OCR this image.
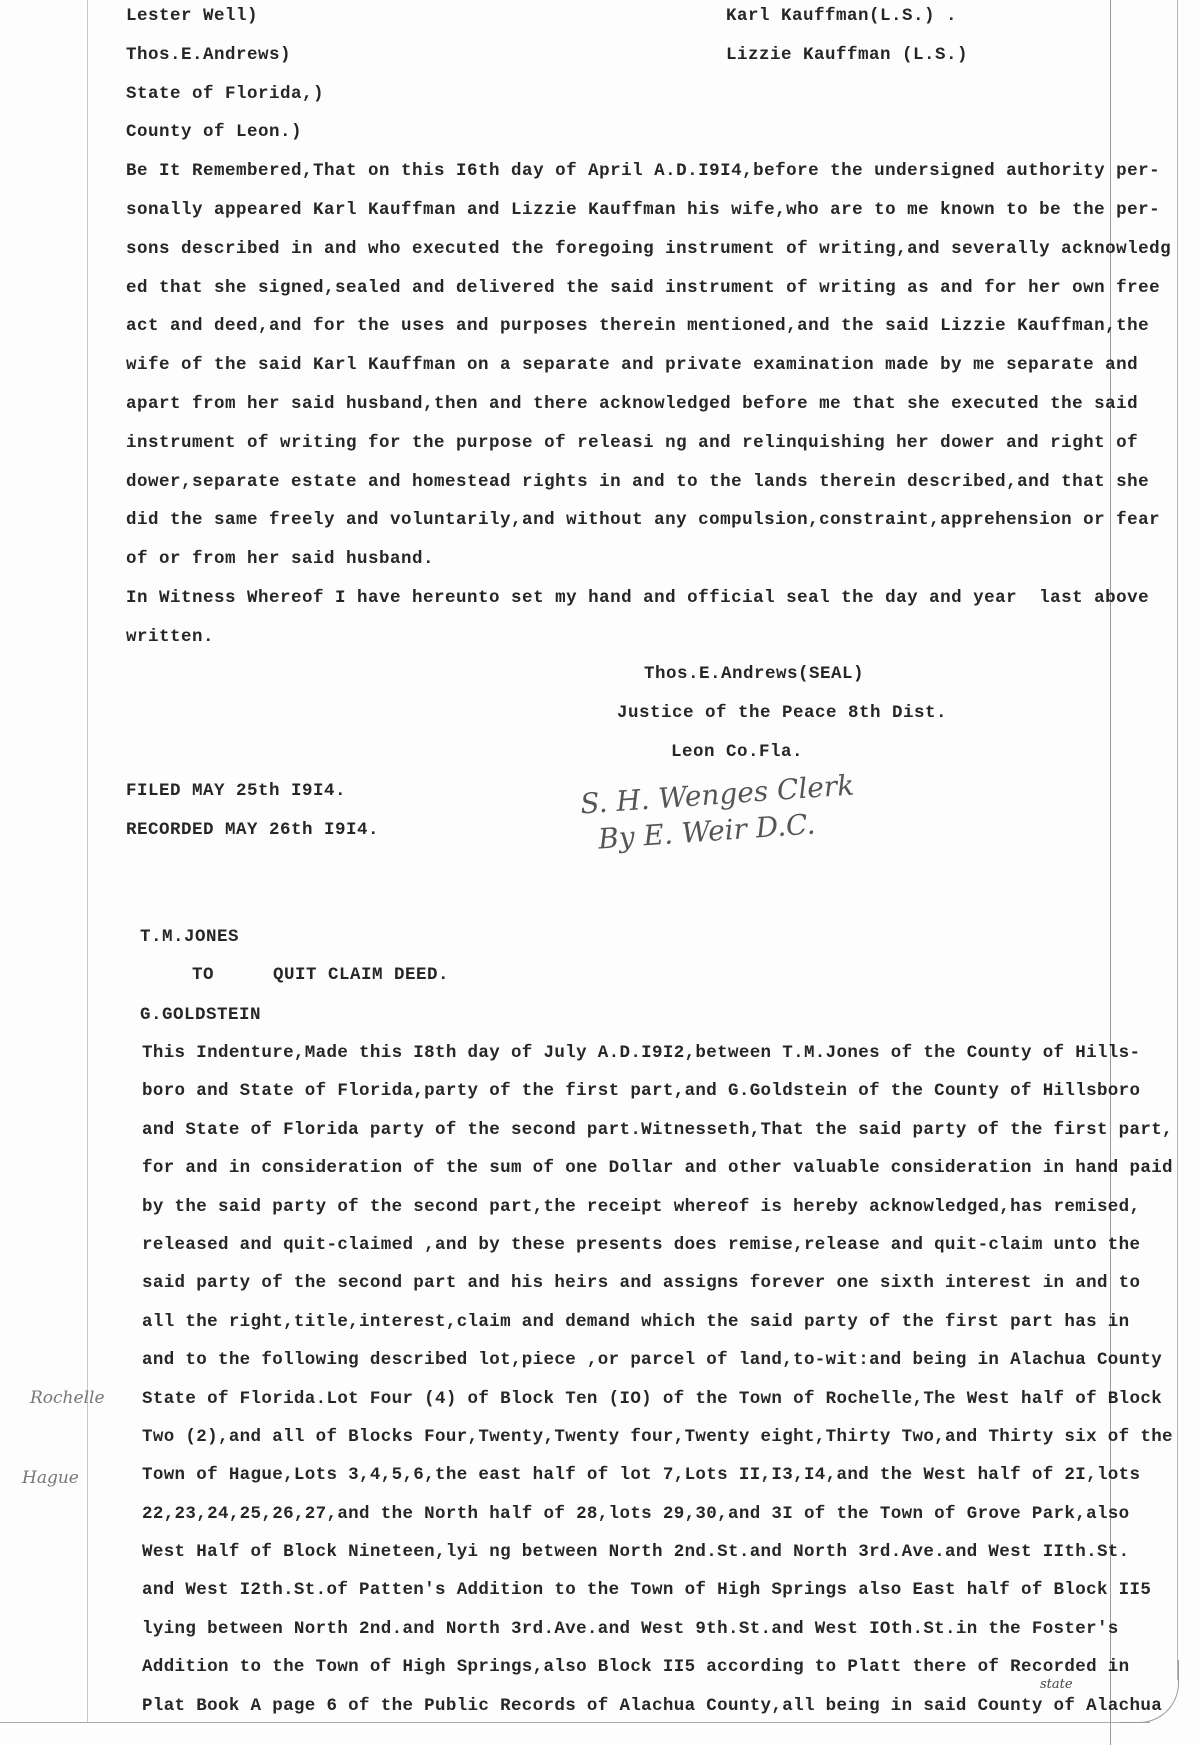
Lester Well)
Thos.E.Andrews)
Karl Kauffman(L.S.) .
Lizzie Kauffman (L.S.)
State of Florida,)
County of Leon.)
Be It Remembered,That on this I6th day of April A.D.I9I4,before the undersigned authority per-
sonally appeared Karl Kauffman and Lizzie Kauffman his wife,who are to me known to be the per-
sons described in and who executed the foregoing instrument of writing,and severally acknowledg
ed that she signed,sealed and delivered the said instrument of writing as and for her own free
act and deed,and for the uses and purposes therein mentioned,and the said Lizzie Kauffman,the
wife of the said Karl Kauffman on a separate and private examination made by me separate and
apart from her said husband,then and there acknowledged before me that she executed the said
instrument of writing for the purpose of releasi ng and relinquishing her dower and right of
dower,separate estate and homestead rights in and to the lands therein described,and that she
did the same freely and voluntarily,and without any compulsion,constraint,apprehension or fear
of or from her said husband.
In Witness Whereof I have hereunto set my hand and official seal the day and year  last above
written.
Thos.E.Andrews(SEAL)
Justice of the Peace 8th Dist.
Leon Co.Fla.
FILED MAY 25th I9I4.
RECORDED MAY 26th I9I4.
S. H. Wenges Clerk
By E. Weir D.C.
T.M.JONES
TO	QUIT CLAIM DEED.
G.GOLDSTEIN
This Indenture,Made this I8th day of July A.D.I9I2,between T.M.Jones of the County of Hills-
boro and State of Florida,party of the first part,and G.Goldstein of the County of Hillsboro
and State of Florida party of the second part.Witnesseth,That the said party of the first part,
for and in consideration of the sum of one Dollar and other valuable consideration in hand paid
by the said party of the second part,the receipt whereof is hereby acknowledged,has remised,
released and quit-claimed ,and by these presents does remise,release and quit-claim unto the
said party of the second part and his heirs and assigns forever one sixth interest in and to
all the right,title,interest,claim and demand which the said party of the first part has in
and to the following described lot,piece ,or parcel of land,to-wit:and being in Alachua County
State of Florida.Lot Four (4) of Block Ten (IO) of the Town of Rochelle,The West half of Block
Two (2),and all of Blocks Four,Twenty,Twenty four,Twenty eight,Thirty Two,and Thirty six of the
Town of Hague,Lots 3,4,5,6,the east half of lot 7,Lots II,I3,I4,and the West half of 2I,lots
22,23,24,25,26,27,and the North half of 28,lots 29,30,and 3I of the Town of Grove Park,also
West Half of Block Nineteen,lyi ng between North 2nd.St.and North 3rd.Ave.and West IIth.St.
and West I2th.St.of Patten's Addition to the Town of High Springs also East half of Block II5
lying between North 2nd.and North 3rd.Ave.and West 9th.St.and West IOth.St.in the Foster's
Addition to the Town of High Springs,also Block II5 according to Platt there of Recorded in
Plat Book A page 6 of the Public Records of Alachua County,all being in said County of Alachua
Rochelle
Hague
state
